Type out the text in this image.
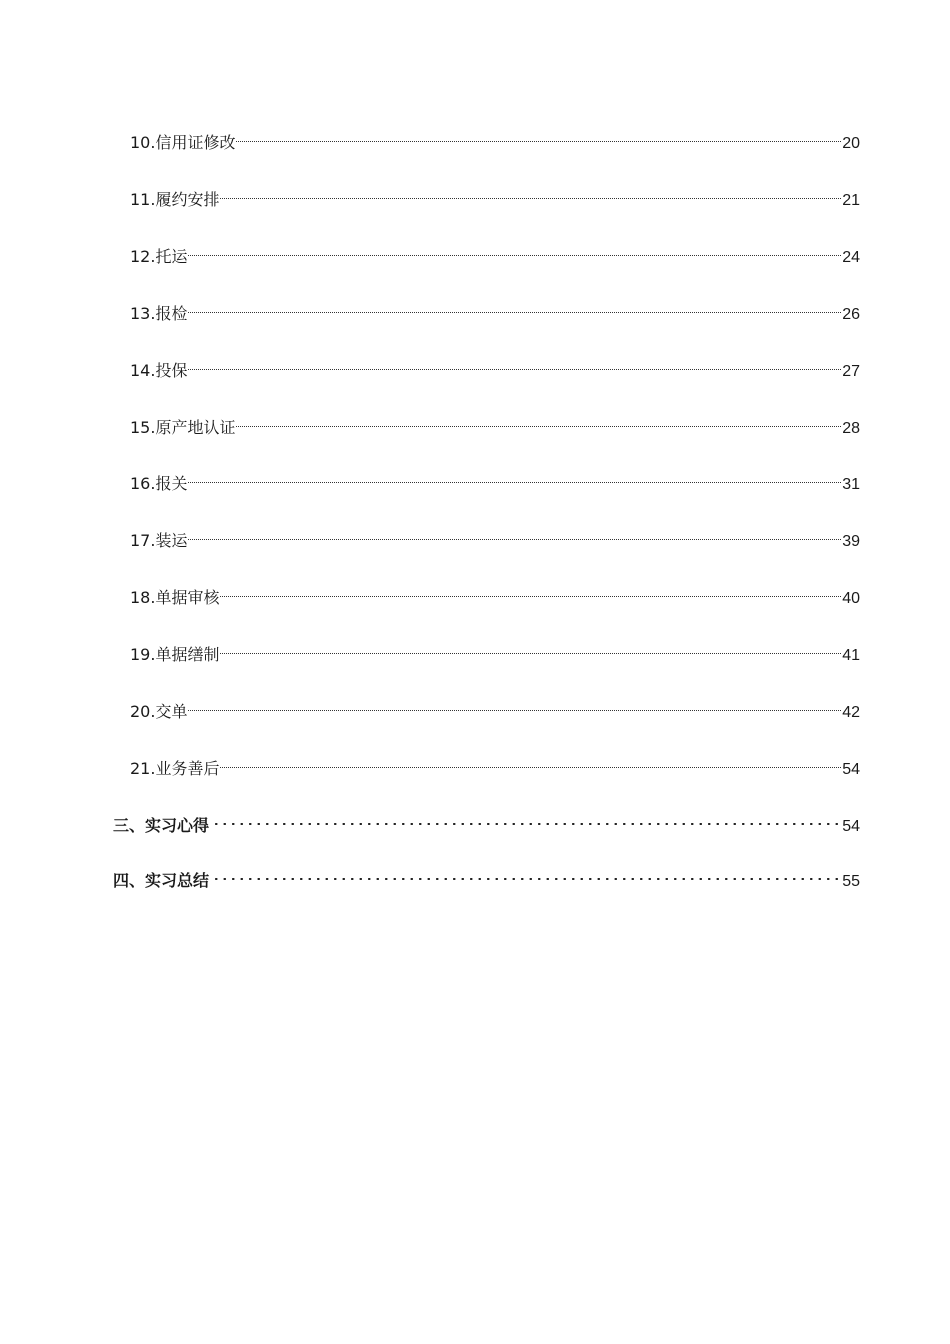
10.信用证修改	20
11.履约安排	21
12.托运	24
13.报检	26
14.投保	27
15.原产地认证	28
16.报关	31
17.装运	39
18.单据审核	40
19.单据缮制	41
20.交单	42
21.业务善后	54
三、实习心得	54
四、实习总结	55
